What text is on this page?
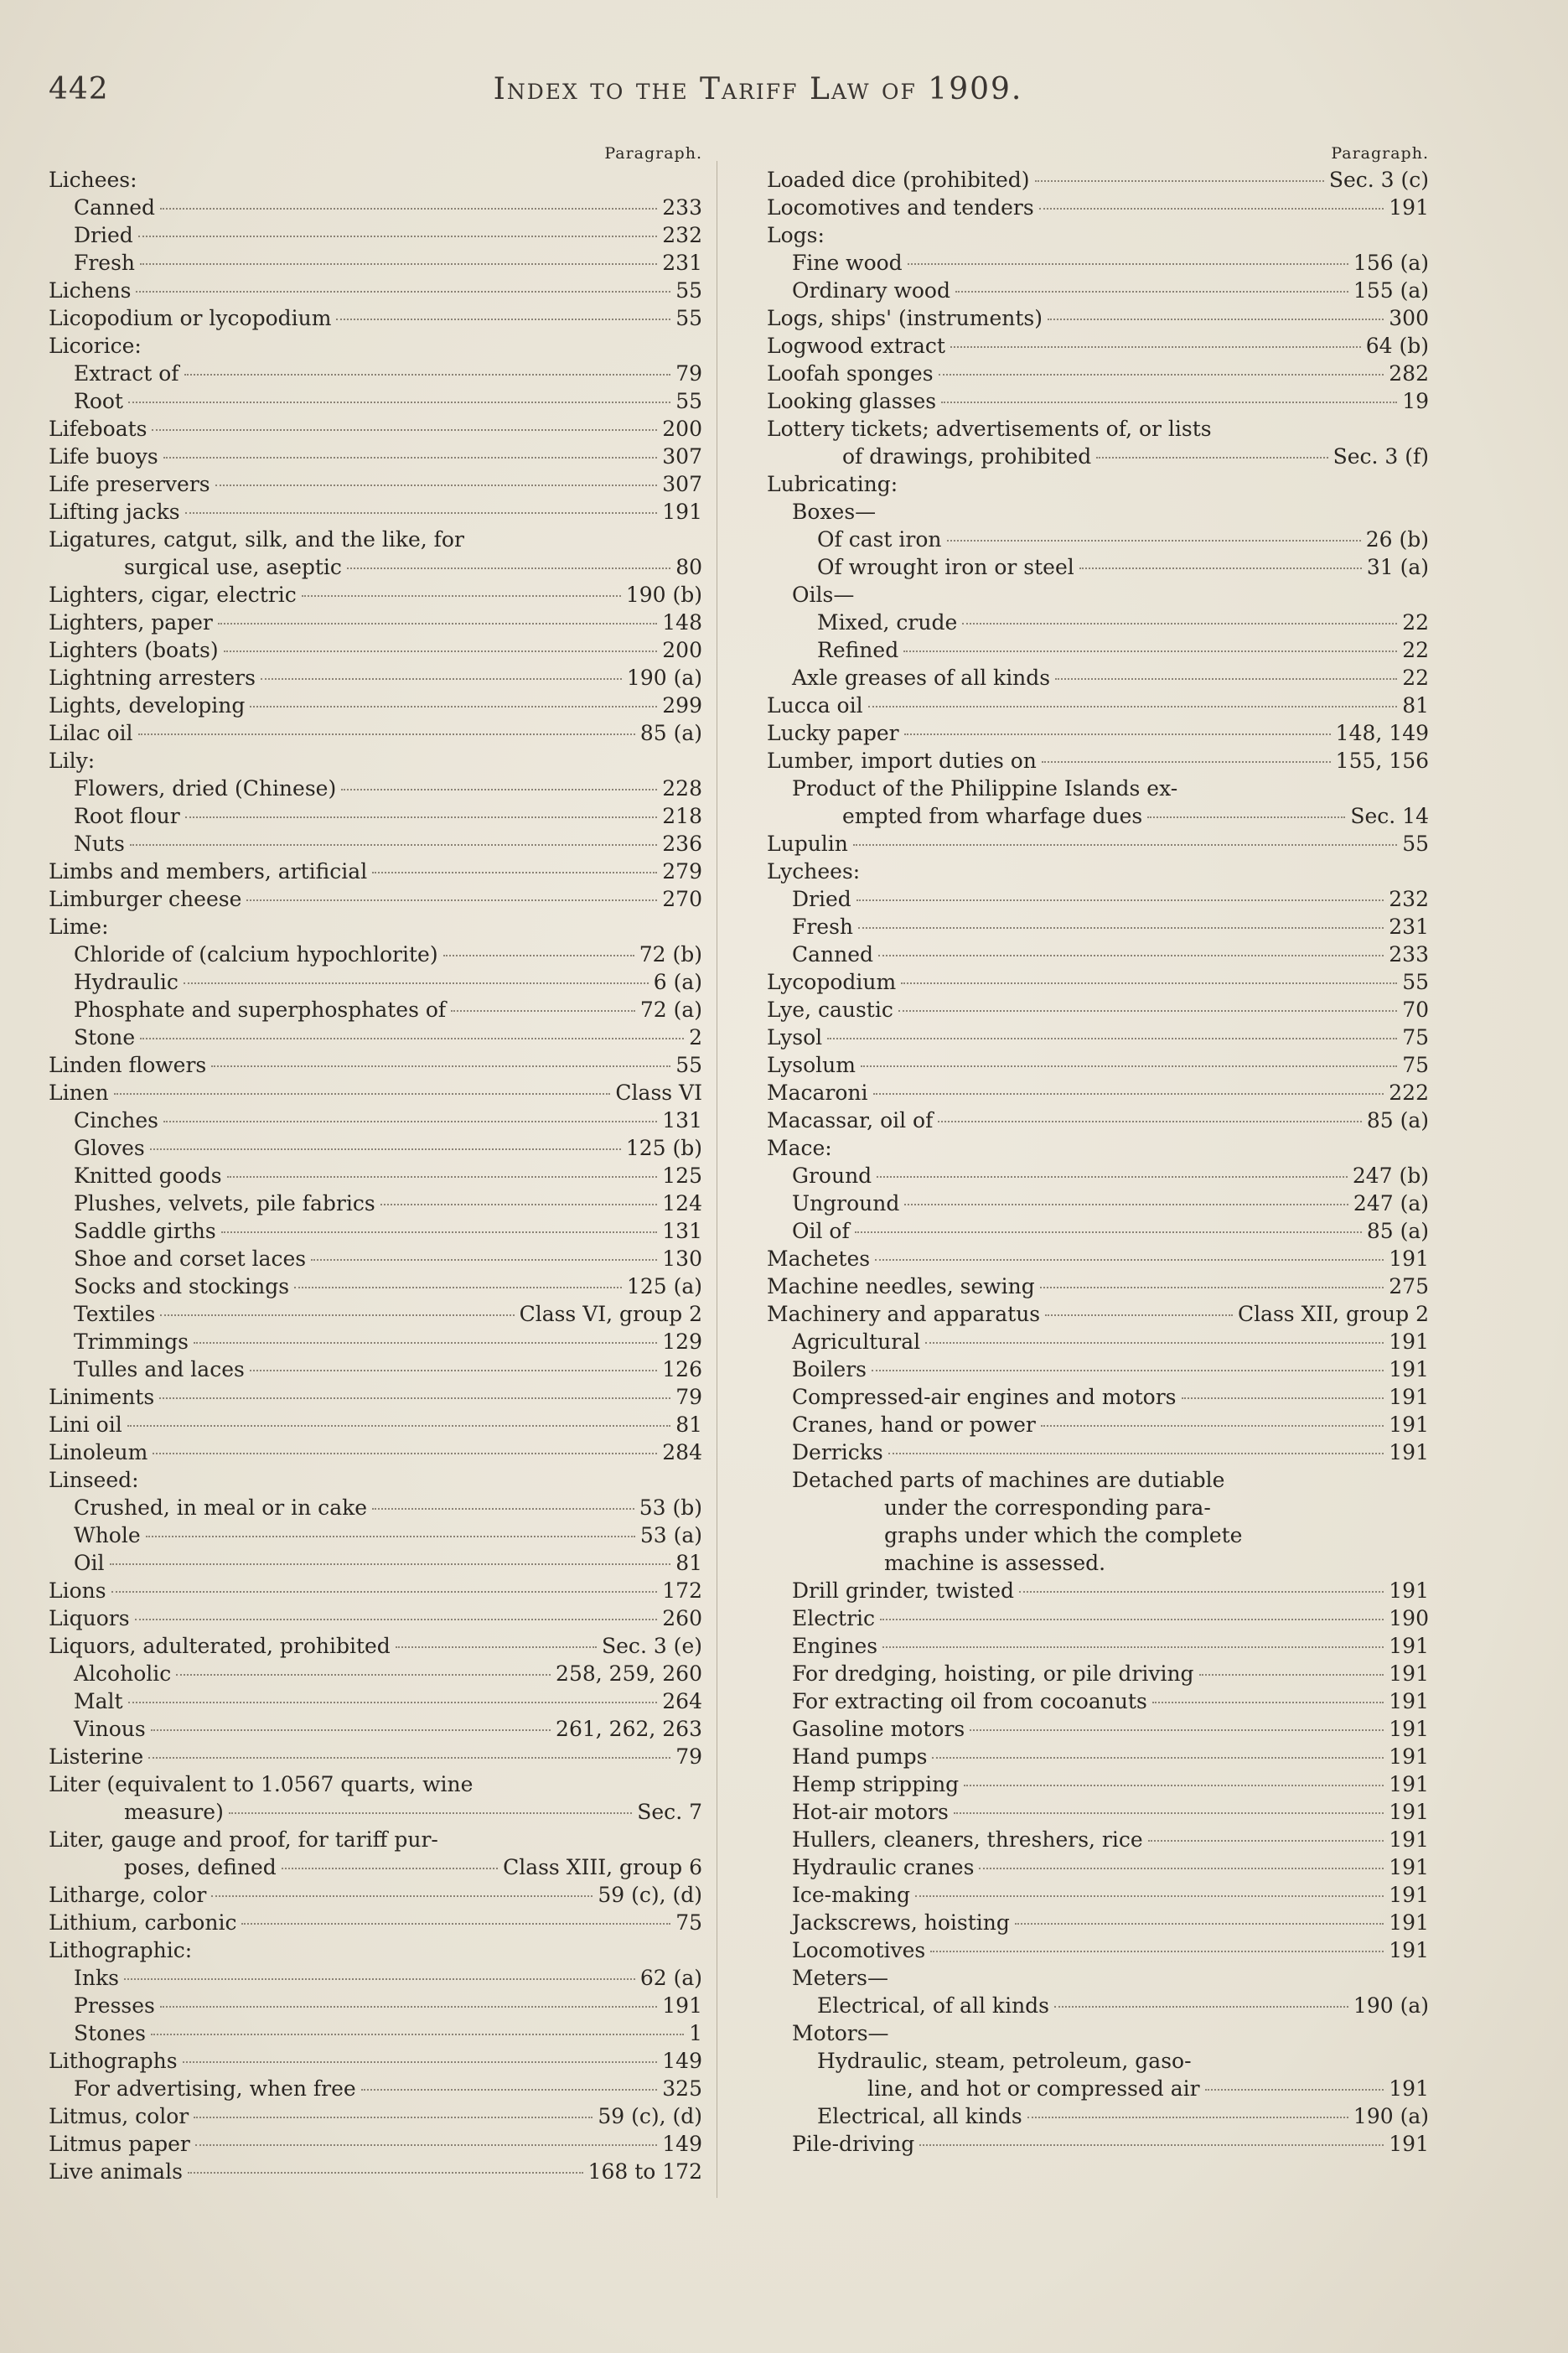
442	Index to the Tariff Law of 1909.
Paragraph.
Lichees:
Canned	233
Dried	232
Fresh	231
Lichens	55
Licopodium or lycopodium	55
Licorice:
Extract of	79
Root	55
Lifeboats	200
Life buoys	307
Life preservers	307
Lifting jacks	191
Ligatures, catgut, silk, and the like, for
surgical use, aseptic	80
Lighters, cigar, electric	190 (b)
Lighters, paper	148
Lighters (boats)	200
Lightning arresters	190 (a)
Lights, developing	299
Lilac oil	85 (a)
Lily:
Flowers, dried (Chinese)	228
Root flour	218
Nuts	236
Limbs and members, artificial	279
Limburger cheese	270
Lime:
Chloride of (calcium hypochlorite)	72 (b)
Hydraulic	6 (a)
Phosphate and superphosphates of	72 (a)
Stone	2
Linden flowers	55
Linen	Class VI
Cinches	131
Gloves	125 (b)
Knitted goods	125
Plushes, velvets, pile fabrics	124
Saddle girths	131
Shoe and corset laces	130
Socks and stockings	125 (a)
Textiles	Class VI, group 2
Trimmings	129
Tulles and laces	126
Liniments	79
Lini oil	81
Linoleum	284
Linseed:
Crushed, in meal or in cake	53 (b)
Whole	53 (a)
Oil	81
Lions	172
Liquors	260
Liquors, adulterated, prohibited	Sec. 3 (e)
Alcoholic	258, 259, 260
Malt	264
Vinous	261, 262, 263
Listerine	79
Liter (equivalent to 1.0567 quarts, wine
measure)	Sec. 7
Liter, gauge and proof, for tariff pur-
poses, defined	Class XIII, group 6
Litharge, color	59 (c), (d)
Lithium, carbonic	75
Lithographic:
Inks	62 (a)
Presses	191
Stones	1
Lithographs	149
For advertising, when free	325
Litmus, color	59 (c), (d)
Litmus paper	149
Live animals	168 to 172
Paragraph.
Loaded dice (prohibited)	Sec. 3 (c)
Locomotives and tenders	191
Logs:
Fine wood	156 (a)
Ordinary wood	155 (a)
Logs, ships' (instruments)	300
Logwood extract	64 (b)
Loofah sponges	282
Looking glasses	19
Lottery tickets; advertisements of, or lists
of drawings, prohibited	Sec. 3 (f)
Lubricating:
Boxes—
Of cast iron	26 (b)
Of wrought iron or steel	31 (a)
Oils—
Mixed, crude	22
Refined	22
Axle greases of all kinds	22
Lucca oil	81
Lucky paper	148, 149
Lumber, import duties on	155, 156
Product of the Philippine Islands ex-
empted from wharfage dues	Sec. 14
Lupulin	55
Lychees:
Dried	232
Fresh	231
Canned	233
Lycopodium	55
Lye, caustic	70
Lysol	75
Lysolum	75
Macaroni	222
Macassar, oil of	85 (a)
Mace:
Ground	247 (b)
Unground	247 (a)
Oil of	85 (a)
Machetes	191
Machine needles, sewing	275
Machinery and apparatus	Class XII, group 2
Agricultural	191
Boilers	191
Compressed-air engines and motors	191
Cranes, hand or power	191
Derricks	191
Detached parts of machines are dutiable
under the corresponding para-
graphs under which the complete
machine is assessed.
Drill grinder, twisted	191
Electric	190
Engines	191
For dredging, hoisting, or pile driving	191
For extracting oil from cocoanuts	191
Gasoline motors	191
Hand pumps	191
Hemp stripping	191
Hot-air motors	191
Hullers, cleaners, threshers, rice	191
Hydraulic cranes	191
Ice-making	191
Jackscrews, hoisting	191
Locomotives	191
Meters—
Electrical, of all kinds	190 (a)
Motors—
Hydraulic, steam, petroleum, gaso-
line, and hot or compressed air	191
Electrical, all kinds	190 (a)
Pile-driving	191
